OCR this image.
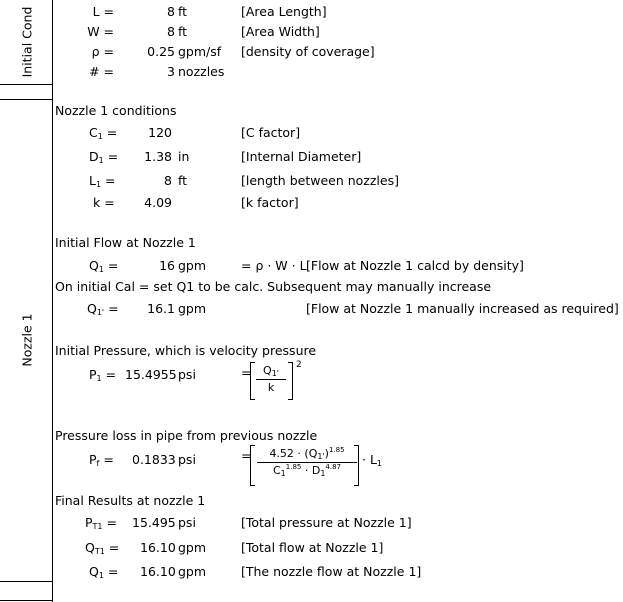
Initial Cond
Nozzle 1
L =	8 ft	[Area Length]
W =	8 ft	[Area Width]
ρ =	0.25 gpm/sf [density of coverage]
# =	3 nozzles
Nozzle 1 conditions
$C_1 = 120$	[C factor]
$D_1 = 1.38$ in	[Internal Diameter]
$L_1$ =	8 ft	[length between nozzles]
k = 4.09	[k factor]
Initial Flow at Nozzle 1
$Q_1$ =	16 gpm	= ρ · W · L [Flow at Nozzle 1 calcd by density]
On initial Cal = set Q1 to be calc. Subsequent may manually increase
$Q_{1'} = 16.1$ gpm	[Flow at Nozzle 1 manually increased as required]
Initial Pressure, which is velocity pressure
$P_1 = 15.4955$ psi	= $\frac{Q_{1'}}{k} 2$
Pressure loss in pipe from previous nozzle
$P_f = 0.1833$ psi	= $\frac{4.52 \cdot (Q_{1'})^{1.85}}{C_1^{1.85} \cdot D_1^{4.87}} \cdot L_1$
Final Results at nozzle 1
$P_{T1} = 15.495$ psi	[Total pressure at Nozzle 1]
$Q_{T1} = 16.10$ gpm	[Total flow at Nozzle 1]
$Q_1 = 16.10$ gpm	[The nozzle flow at Nozzle 1]
